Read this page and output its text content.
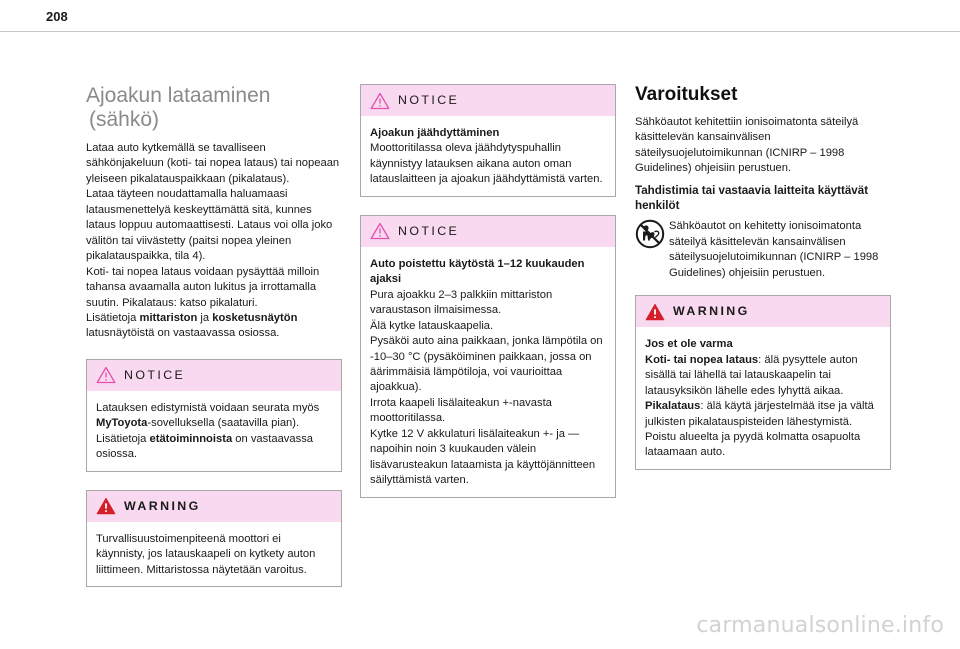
208
Ajoakun lataaminen
(sähkö)

Lataa auto kytkemällä se tavalliseen sähkönjakeluun (koti- tai nopea lataus) tai nopeaan yleiseen pikalatauspaikkaan (pikalataus).

Lataa täyteen noudattamalla haluamaasi latausmenettelyä keskeyttämättä sitä, kunnes lataus loppuu automaattisesti. Lataus voi olla joko välitön tai viivästetty (paitsi nopea yleinen pikalatauspaikka, tila 4).

Koti- tai nopea lataus voidaan pysäyttää milloin tahansa avaamalla auton lukitus ja irrottamalla suutin. Pikalataus: katso pikalaturi.

Lisätietoja mittariston ja kosketusnäytön latusnäytöistä on vastaavassa osiossa.

NOTICE

Latauksen edistymistä voidaan seurata myös MyToyota-sovelluksella (saatavilla pian).

Lisätietoja etätoiminnoista on vastaavassa osiossa.

WARNING

Turvallisuustoimenpiteenä moottori ei käynnisty, jos latauskaapeli on kytkety auton liittimeen. Mittaristossa näytetään varoitus.

NOTICE

Ajoakun jäähdyttäminen

Moottoritilassa oleva jäähdytyspuhallin käynnistyy latauksen aikana auton oman latauslaitteen ja ajoakun jäähdyttämistä varten.

NOTICE

Auto poistettu käytöstä 1–12 kuukauden ajaksi

Pura ajoakku 2–3 palkkiin mittariston varaustason ilmaisimessa.

Älä kytke latauskaapelia.

Pysäköi auto aina paikkaan, jonka lämpötila on -10–30 °C (pysäköiminen paikkaan, jossa on äärimmäisiä lämpötiloja, voi vaurioittaa ajoakkua).

Irrota kaapeli lisälaiteakun +-navasta moottoritilassa.

Kytke 12 V akkulaturi lisälaiteakun +- ja —napoihin noin 3 kuukauden välein lisävarusteakun lataamista ja käyttöjännitteen säilyttämistä varten.

Varoitukset

Sähköautot kehitettiin ionisoimatonta säteilyä käsittelevän kansainvälisen säteilysuojelutoimikunnan (ICNIRP – 1998 Guidelines) ohjeisiin perustuen.

Tahdistimia tai vastaavia laitteita käyttävät henkilöt

Sähköautot on kehitetty ionisoimatonta säteilyä käsittelevän kansainvälisen säteilysuojelutoimikunnan (ICNIRP – 1998 Guidelines) ohjeisiin perustuen.

WARNING

Jos et ole varma

Koti- tai nopea lataus: älä pysyttele auton sisällä tai lähellä tai latauskaapelin tai latausyksikön lähelle edes lyhyttä aikaa.

Pikalataus: älä käytä järjestelmää itse ja vältä julkisten pikalatauspisteiden lähestymistä.

Poistu alueelta ja pyydä kolmatta osapuolta lataamaan auto.

carmanualsonline.info
